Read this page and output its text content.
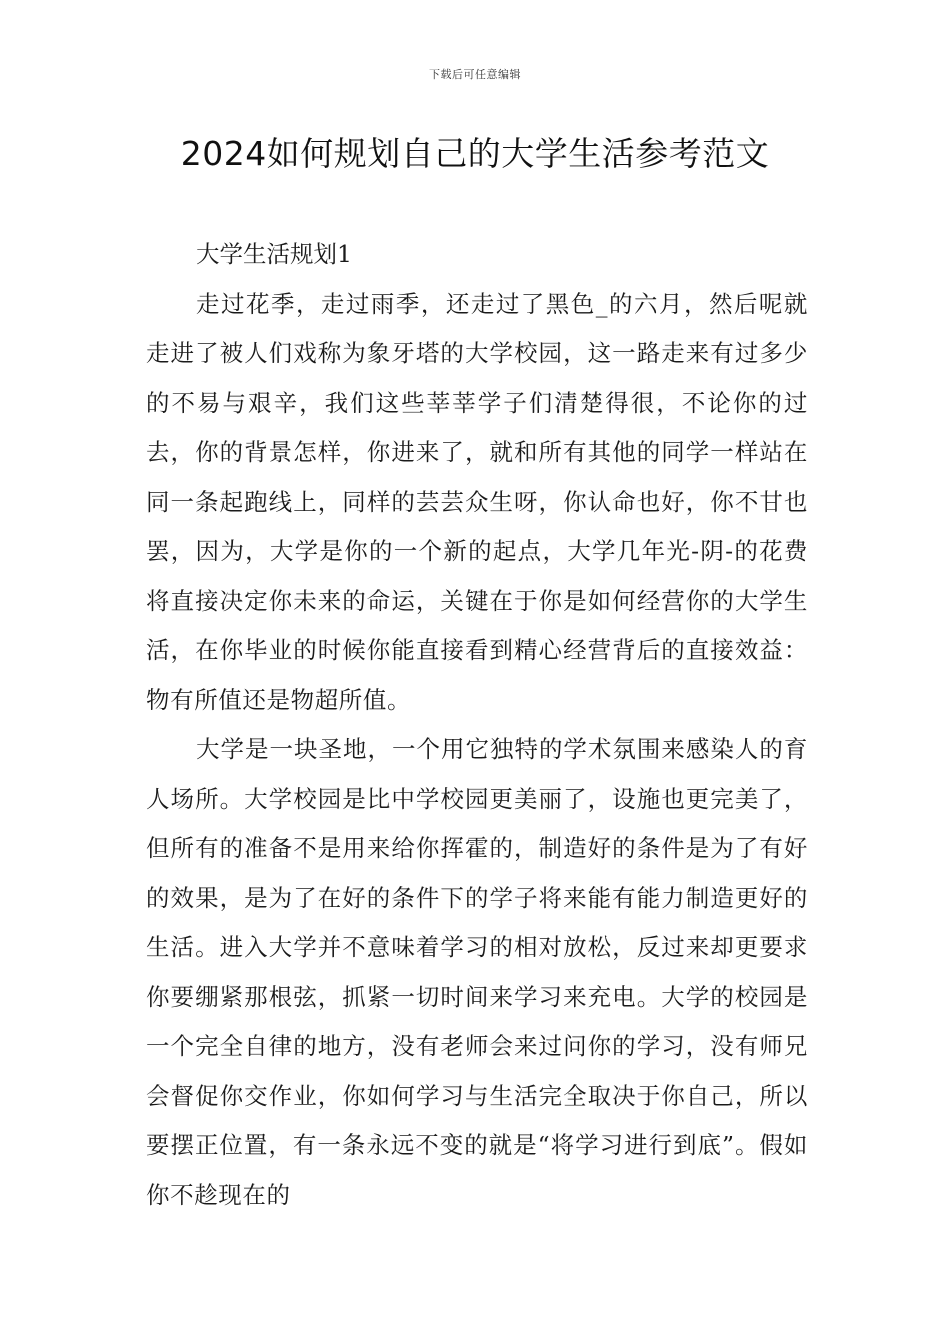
下载后可任意编辑
2024如何规划自己的大学生活参考范文

大学生活规划1

走过花季，走过雨季，还走过了黑色_的六月，然后呢就走进了被人们戏称为象牙塔的大学校园，这一路走来有过多少的不易与艰辛，我们这些莘莘学子们清楚得很，不论你的过去，你的背景怎样，你进来了，就和所有其他的同学一样站在同一条起跑线上，同样的芸芸众生呀，你认命也好，你不甘也罢，因为，大学是你的一个新的起点，大学几年光-阴-的花费将直接决定你未来的命运，关键在于你是如何经营你的大学生活，在你毕业的时候你能直接看到精心经营背后的直接效益：物有所值还是物超所值。

大学是一块圣地，一个用它独特的学术氛围来感染人的育人场所。大学校园是比中学校园更美丽了，设施也更完美了，但所有的准备不是用来给你挥霍的，制造好的条件是为了有好的效果，是为了在好的条件下的学子将来能有能力制造更好的生活。进入大学并不意味着学习的相对放松，反过来却更要求你要绷紧那根弦，抓紧一切时间来学习来充电。大学的校园是一个完全自律的地方，没有老师会来过问你的学习，没有师兄会督促你交作业，你如何学习与生活完全取决于你自己，所以要摆正位置，有一条永远不变的就是“将学习进行到底”。假如你不趁现在的
